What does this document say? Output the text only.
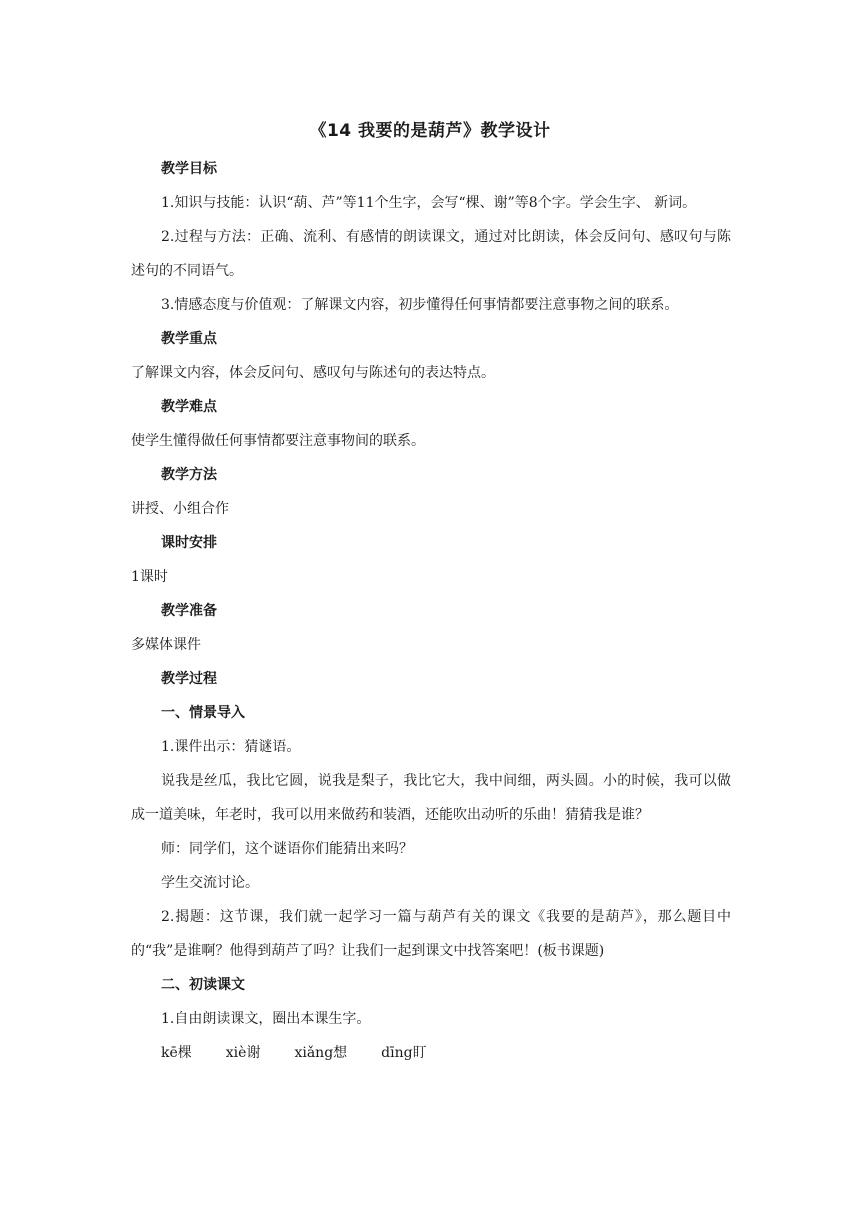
《14 我要的是葫芦》教学设计

教学目标

1.知识与技能：认识“葫、芦”等11个生字，会写“棵、谢”等8个字。学会生字、 新词。

2.过程与方法：正确、流利、有感情的朗读课文，通过对比朗读，体会反问句、感叹句与陈述句的不同语气。

3.情感态度与价值观：了解课文内容，初步懂得任何事情都要注意事物之间的联系。

教学重点

了解课文内容，体会反问句、感叹句与陈述句的表达特点。

教学难点

使学生懂得做任何事情都要注意事物间的联系。

教学方法

讲授、小组合作

课时安排

1课时

教学准备

多媒体课件

教学过程

一、情景导入

1.课件出示：猜谜语。

说我是丝瓜，我比它圆，说我是梨子，我比它大，我中间细，两头圆。小的时候，我可以做成一道美味，年老时，我可以用来做药和装酒，还能吹出动听的乐曲！猜猜我是谁？

师：同学们，这个谜语你们能猜出来吗？

学生交流讨论。

2.揭题：这节课，我们就一起学习一篇与葫芦有关的课文《我要的是葫芦》，那么题目中的“我”是谁啊？他得到葫芦了吗？让我们一起到课文中找答案吧！(板书课题)

二、初读课文

1.自由朗读课文，圈出本课生字。

kē棵 xiè谢 xiǎng想 dīng盯
